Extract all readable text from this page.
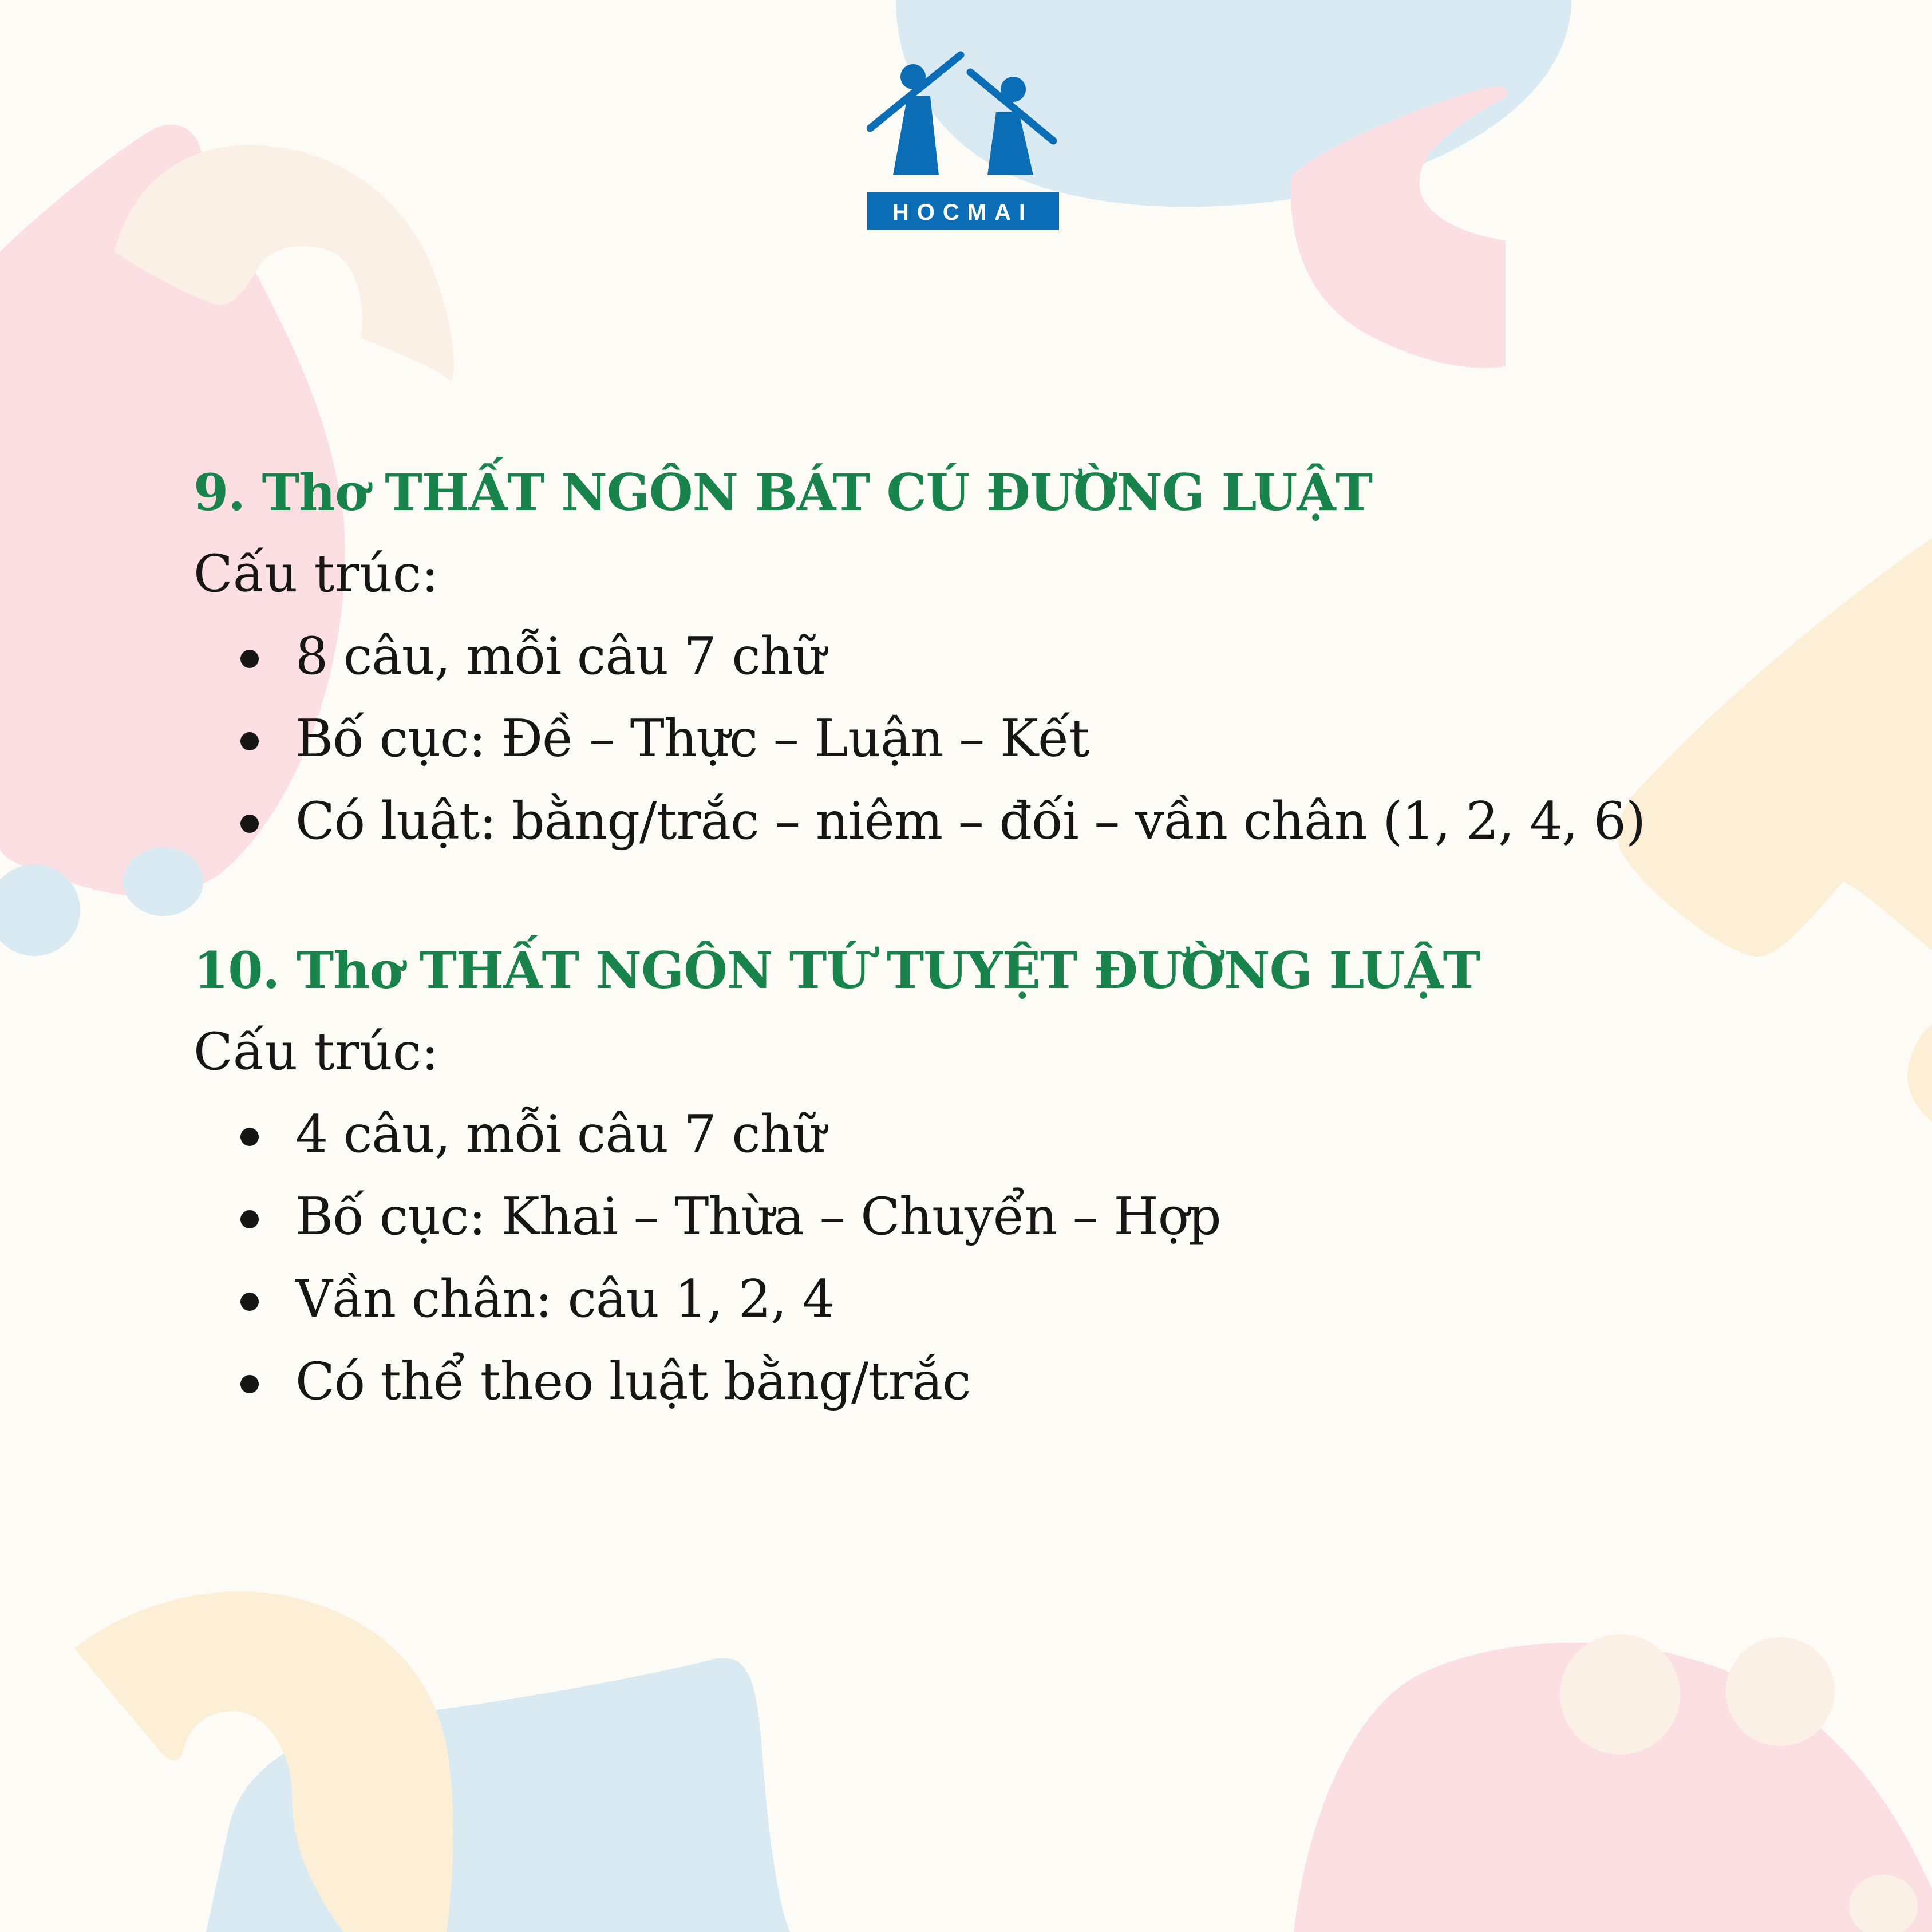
HOCMAI
9. Thơ THẤT NGÔN BÁT CÚ ĐƯỜNG LUẬT
Cấu trúc:
8 câu, mỗi câu 7 chữ
Bố cục: Đề – Thực – Luận – Kết
Có luật: bằng/trắc – niêm – đối – vần chân (1, 2, 4, 6)
10. Thơ THẤT NGÔN TỨ TUYỆT ĐƯỜNG LUẬT
Cấu trúc:
4 câu, mỗi câu 7 chữ
Bố cục: Khai – Thừa – Chuyển – Hợp
Vần chân: câu 1, 2, 4
Có thể theo luật bằng/trắc
